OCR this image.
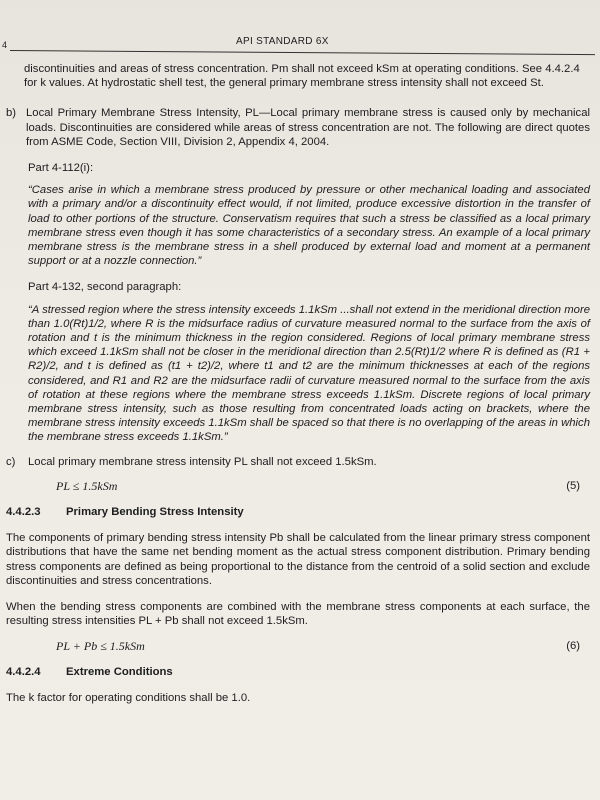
4	API STANDARD 6X

discontinuities and areas of stress concentration. Pm shall not exceed kSm at operating conditions. See 4.4.2.4 for k values. At hydrostatic shell test, the general primary membrane stress intensity shall not exceed St.

b) Local Primary Membrane Stress Intensity, PL—Local primary membrane stress is caused only by mechanical loads. Discontinuities are considered while areas of stress concentration are not. The following are direct quotes from ASME Code, Section VIII, Division 2, Appendix 4, 2004.

Part 4-112(i):

“Cases arise in which a membrane stress produced by pressure or other mechanical loading and associated with a primary and/or a discontinuity effect would, if not limited, produce excessive distortion in the transfer of load to other portions of the structure. Conservatism requires that such a stress be classified as a local primary membrane stress even though it has some characteristics of a secondary stress. An example of a local primary membrane stress is the membrane stress in a shell produced by external load and moment at a permanent support or at a nozzle connection.”

Part 4-132, second paragraph:

“A stressed region where the stress intensity exceeds 1.1kSm ...shall not extend in the meridional direction more than 1.0(Rt)1/2, where R is the midsurface radius of curvature measured normal to the surface from the axis of rotation and t is the minimum thickness in the region considered. Regions of local primary membrane stress which exceed 1.1kSm shall not be closer in the meridional direction than 2.5(Rt)1/2 where R is defined as (R1 + R2)/2, and t is defined as (t1 + t2)/2, where t1 and t2 are the minimum thicknesses at each of the regions considered, and R1 and R2 are the midsurface radii of curvature measured normal to the surface from the axis of rotation at these regions where the membrane stress exceeds 1.1kSm. Discrete regions of local primary membrane stress intensity, such as those resulting from concentrated loads acting on brackets, where the membrane stress intensity exceeds 1.1kSm shall be spaced so that there is no overlapping of the areas in which the membrane stress exceeds 1.1kSm.”

c)	Local primary membrane stress intensity PL shall not exceed 1.5kSm.
PL ≤ 1.5kSm	(5)
4.4.2.3	Primary Bending Stress Intensity

The components of primary bending stress intensity Pb shall be calculated from the linear primary stress component distributions that have the same net bending moment as the actual stress component distribution. Primary bending stress components are defined as being proportional to the distance from the centroid of a solid section and exclude discontinuities and stress concentrations.

When the bending stress components are combined with the membrane stress components at each surface, the resulting stress intensities PL + Pb shall not exceed 1.5kSm.

PL + Pb ≤ 1.5kSm	(6)
4.4.2.4	Extreme Conditions

The k factor for operating conditions shall be 1.0.
